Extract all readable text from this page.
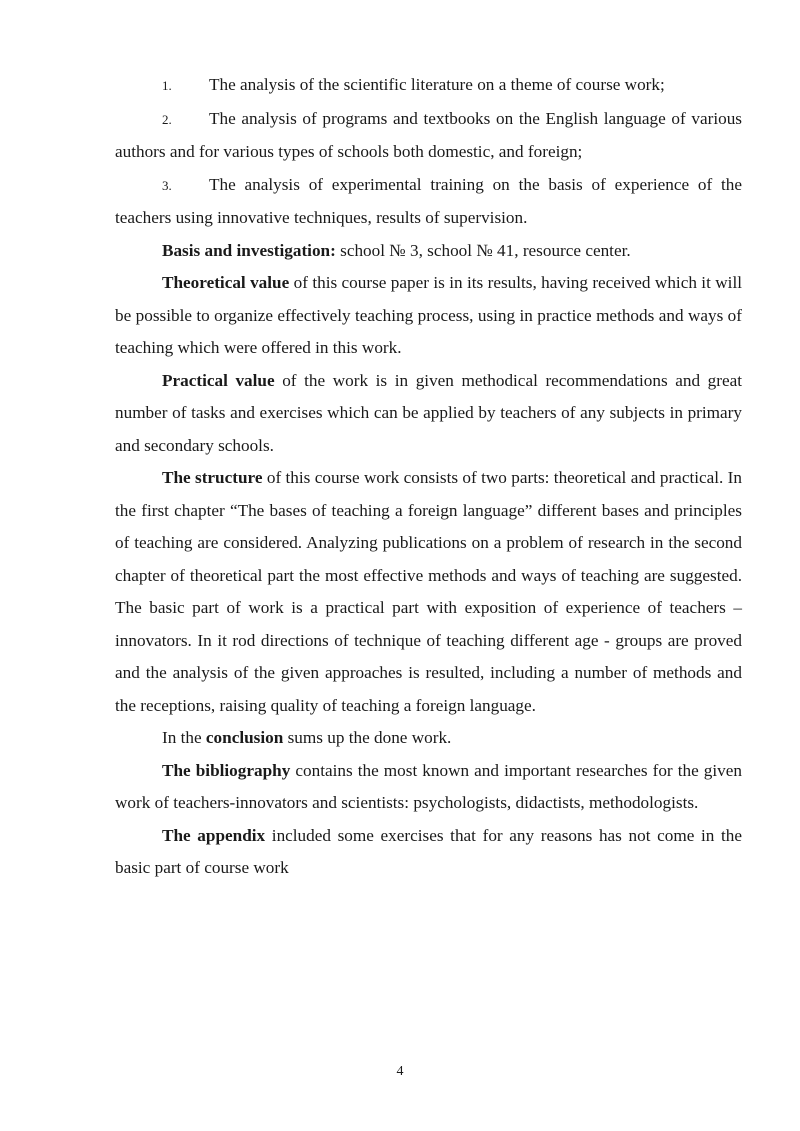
1. The analysis of the scientific literature on a theme of course work;

2. The analysis of programs and textbooks on the English language of various authors and for various types of schools both domestic, and foreign;

3. The analysis of experimental training on the basis of experience of the teachers using innovative techniques, results of supervision.

Basis and investigation: school № 3, school № 41, resource center.

Theoretical value of this course paper is in its results, having received which it will be possible to organize effectively teaching process, using in practice methods and ways of teaching which were offered in this work.

Practical value of the work is in given methodical recommendations and great number of tasks and exercises which can be applied by teachers of any subjects in primary and secondary schools.

The structure of this course work consists of two parts: theoretical and practical. In the first chapter “The bases of teaching a foreign language” different bases and principles of teaching are considered. Analyzing publications on a problem of research in the second chapter of theoretical part the most effective methods and ways of teaching are suggested. The basic part of work is a practical part with exposition of experience of teachers – innovators. In it rod directions of technique of teaching different age - groups are proved and the analysis of the given approaches is resulted, including a number of methods and the receptions, raising quality of teaching a foreign language.

In the conclusion sums up the done work.

The bibliography contains the most known and important researches for the given work of teachers-innovators and scientists: psychologists, didactists, methodologists.

The appendix included some exercises that for any reasons has not come in the basic part of course work

4
